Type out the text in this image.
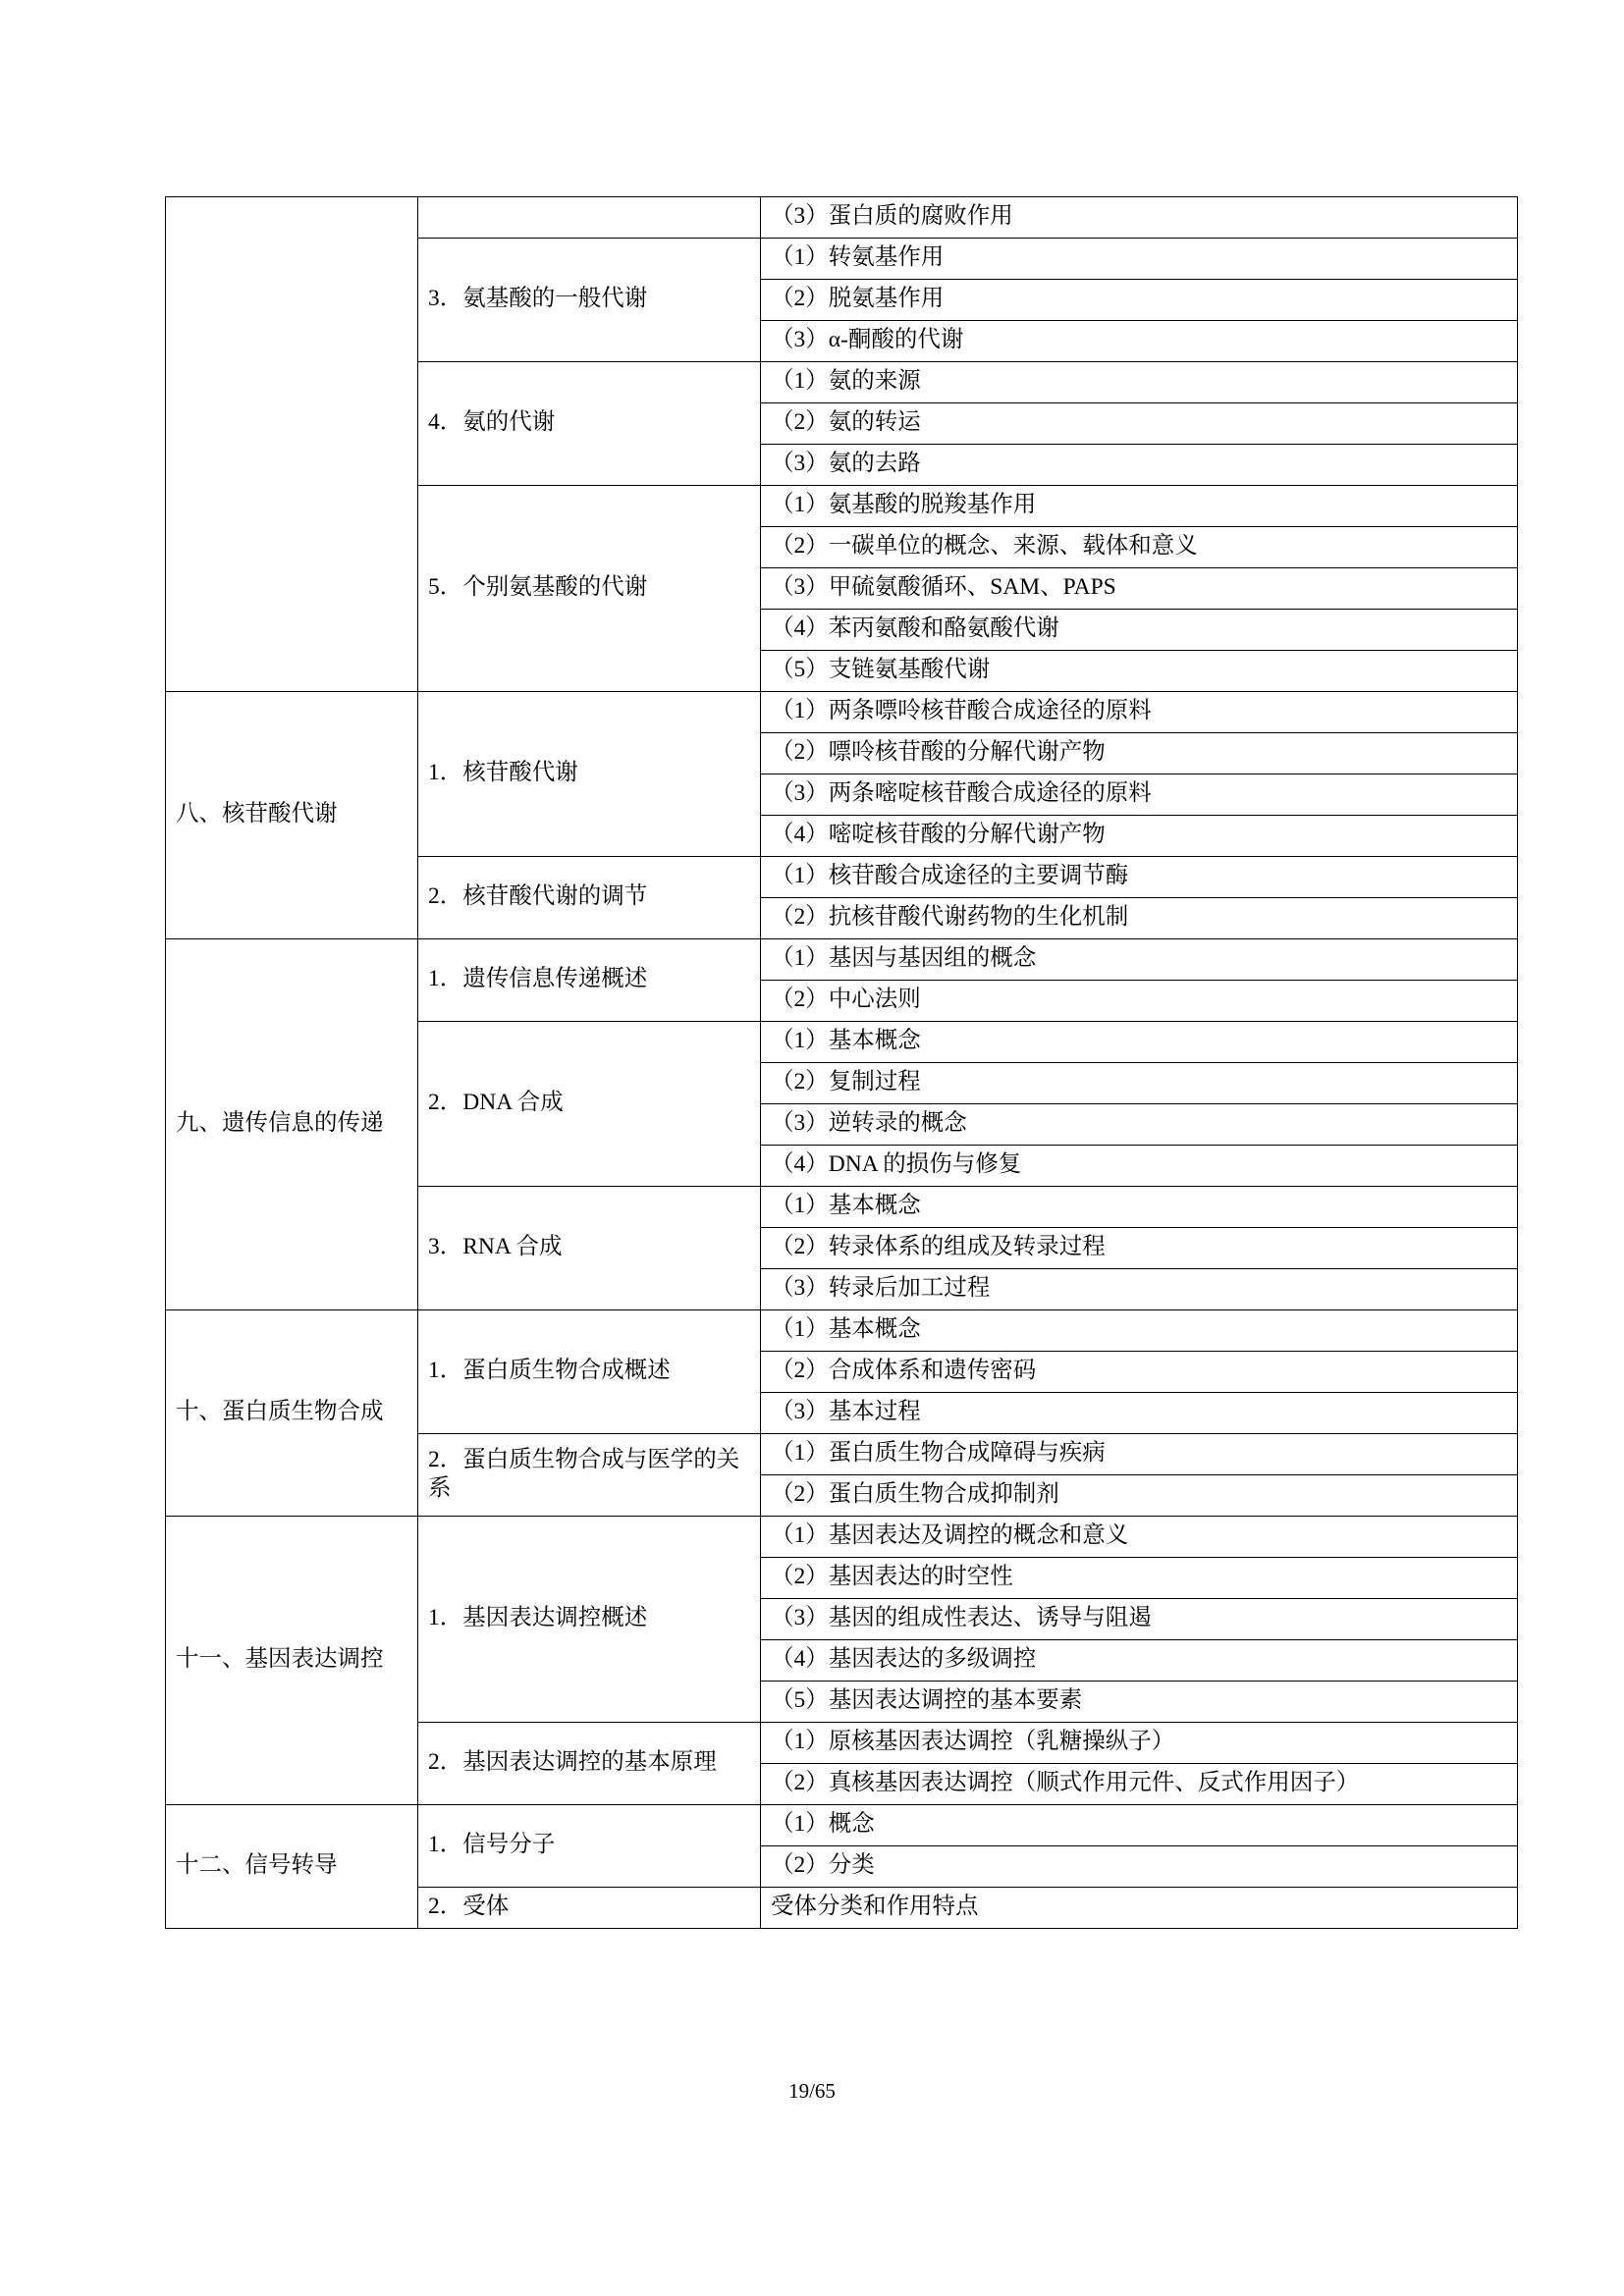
		（3）蛋白质的腐败作用
	3．氨基酸的一般代谢	（1）转氨基作用
		（2）脱氨基作用
		（3）α-酮酸的代谢
	4．氨的代谢	（1）氨的来源
		（2）氨的转运
		（3）氨的去路
	5．个别氨基酸的代谢	（1）氨基酸的脱羧基作用
		（2）一碳单位的概念、来源、载体和意义
		（3）甲硫氨酸循环、SAM、PAPS
		（4）苯丙氨酸和酪氨酸代谢
		（5）支链氨基酸代谢
八、核苷酸代谢	1．核苷酸代谢	（1）两条嘌呤核苷酸合成途径的原料
		（2）嘌呤核苷酸的分解代谢产物
		（3）两条嘧啶核苷酸合成途径的原料
		（4）嘧啶核苷酸的分解代谢产物
	2．核苷酸代谢的调节	（1）核苷酸合成途径的主要调节酶
		（2）抗核苷酸代谢药物的生化机制
九、遗传信息的传递	1．遗传信息传递概述	（1）基因与基因组的概念
		（2）中心法则
	2．DNA 合成	（1）基本概念
		（2）复制过程
		（3）逆转录的概念
		（4）DNA 的损伤与修复
	3．RNA 合成	（1）基本概念
		（2）转录体系的组成及转录过程
		（3）转录后加工过程
十、蛋白质生物合成	1．蛋白质生物合成概述	（1）基本概念
		（2）合成体系和遗传密码
		（3）基本过程
	2．蛋白质生物合成与医学的关系	（1）蛋白质生物合成障碍与疾病
		（2）蛋白质生物合成抑制剂
十一、基因表达调控	1．基因表达调控概述	（1）基因表达及调控的概念和意义
		（2）基因表达的时空性
		（3）基因的组成性表达、诱导与阻遏
		（4）基因表达的多级调控
		（5）基因表达调控的基本要素
	2．基因表达调控的基本原理	（1）原核基因表达调控（乳糖操纵子）
		（2）真核基因表达调控（顺式作用元件、反式作用因子）
十二、信号转导	1．信号分子	（1）概念
		（2）分类
	2．受体	受体分类和作用特点
19/65
